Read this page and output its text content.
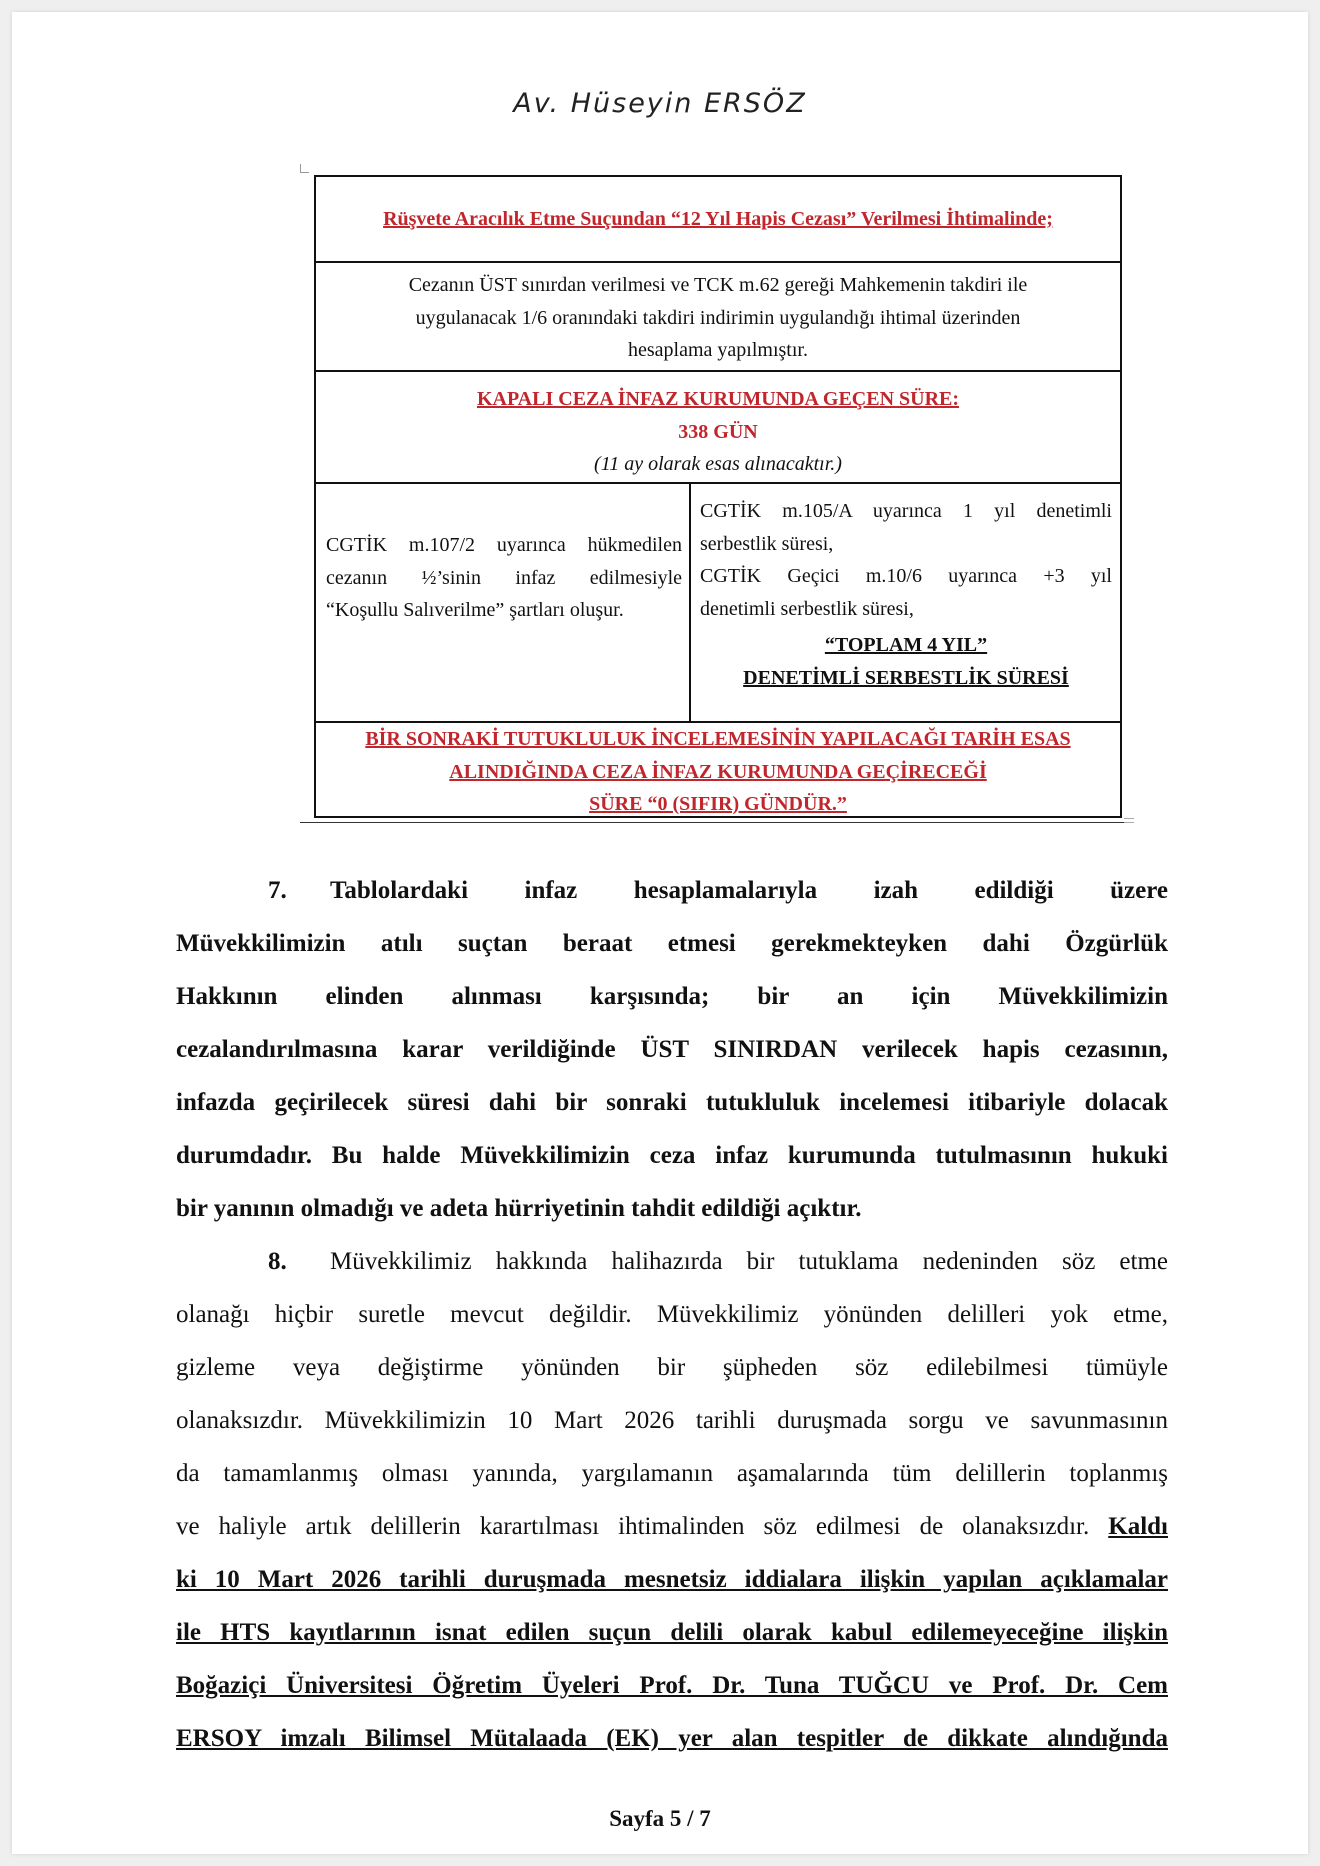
Av. Hüseyin ERSÖZ
Rüşvete Aracılık Etme Suçundan “12 Yıl Hapis Cezası” Verilmesi İhtimalinde;
Cezanın ÜST sınırdan verilmesi ve TCK m.62 gereği Mahkemenin takdiri ile
uygulanacak 1/6 oranındaki takdiri indirimin uygulandığı ihtimal üzerinden
hesaplama yapılmıştır.
KAPALI CEZA İNFAZ KURUMUNDA GEÇEN SÜRE:
338 GÜN
(11 ay olarak esas alınacaktır.)
CGTİK m.107/2 uyarınca hükmedilen
cezanın ½’sinin infaz edilmesiyle
“Koşullu Salıverilme” şartları oluşur.
CGTİK m.105/A uyarınca 1 yıl denetimli
serbestlik süresi,
CGTİK Geçici m.10/6 uyarınca +3 yıl
denetimli serbestlik süresi,
“TOPLAM 4 YIL”
DENETİMLİ SERBESTLİK SÜRESİ
BİR SONRAKİ TUTUKLULUK İNCELEMESİNİN YAPILACAĞI TARİH ESAS
ALINDIĞINDA CEZA İNFAZ KURUMUNDA GEÇİRECEĞİ
SÜRE “0 (SIFIR) GÜNDÜR.”
7. Tablolardaki infaz hesaplamalarıyla izah edildiği üzere
Müvekkilimizin atılı suçtan beraat etmesi gerekmekteyken dahi Özgürlük
Hakkının elinden alınması karşısında; bir an için Müvekkilimizin
cezalandırılmasına karar verildiğinde ÜST SINIRDAN verilecek hapis cezasının,
infazda geçirilecek süresi dahi bir sonraki tutukluluk incelemesi itibariyle dolacak
durumdadır. Bu halde Müvekkilimizin ceza infaz kurumunda tutulmasının hukuki
bir yanının olmadığı ve adeta hürriyetinin tahdit edildiği açıktır.
8. Müvekkilimiz hakkında halihazırda bir tutuklama nedeninden söz etme
olanağı hiçbir suretle mevcut değildir. Müvekkilimiz yönünden delilleri yok etme,
gizleme veya değiştirme yönünden bir şüpheden söz edilebilmesi tümüyle
olanaksızdır. Müvekkilimizin 10 Mart 2026 tarihli duruşmada sorgu ve savunmasının
da tamamlanmış olması yanında, yargılamanın aşamalarında tüm delillerin toplanmış
ve haliyle artık delillerin karartılması ihtimalinden söz edilmesi de olanaksızdır. Kaldı
ki 10 Mart 2026 tarihli duruşmada mesnetsiz iddialara ilişkin yapılan açıklamalar
ile HTS kayıtlarının isnat edilen suçun delili olarak kabul edilemeyeceğine ilişkin
Boğaziçi Üniversitesi Öğretim Üyeleri Prof. Dr. Tuna TUĞCU ve Prof. Dr. Cem
ERSOY imzalı Bilimsel Mütalaada (EK) yer alan tespitler de dikkate alındığında
Sayfa 5 / 7
